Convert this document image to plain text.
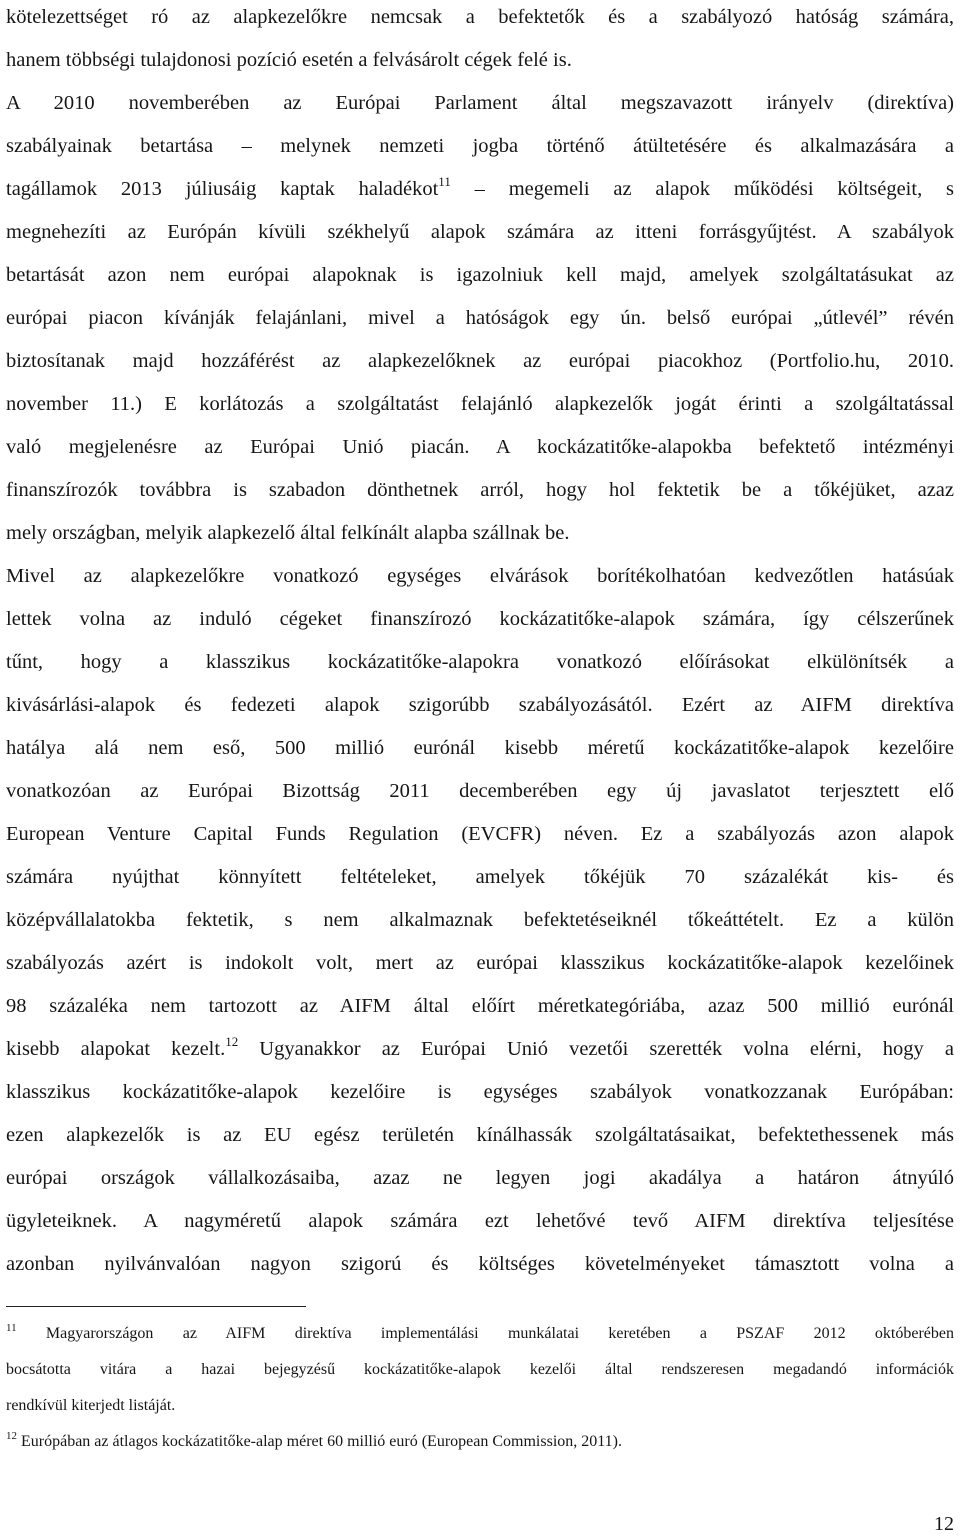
kötelezettséget ró az alapkezelőkre nemcsak a befektetők és a szabályozó hatóság számára,
hanem többségi tulajdonosi pozíció esetén a felvásárolt cégek felé is.
A 2010 novemberében az Európai Parlament által megszavazott irányelv (direktíva)
szabályainak betartása – melynek nemzeti jogba történő átültetésére és alkalmazására a
tagállamok 2013 júliusáig kaptak haladékot$^{11}$ – megemeli az alapok működési költségeit, s
megnehezíti az Európán kívüli székhelyű alapok számára az itteni forrásgyűjtést. A szabályok
betartását azon nem európai alapoknak is igazolniuk kell majd, amelyek szolgáltatásukat az
európai piacon kívánják felajánlani, mivel a hatóságok egy ún. belső európai „útlevél” révén
biztosítanak majd hozzáférést az alapkezelőknek az európai piacokhoz (Portfolio.hu, 2010.
november 11.) E korlátozás a szolgáltatást felajánló alapkezelők jogát érinti a szolgáltatással
való megjelenésre az Európai Unió piacán. A kockázatitőke-alapokba befektető intézményi
finanszírozók továbbra is szabadon dönthetnek arról, hogy hol fektetik be a tőkéjüket, azaz
mely országban, melyik alapkezelő által felkínált alapba szállnak be.
Mivel az alapkezelőkre vonatkozó egységes elvárások borítékolhatóan kedvezőtlen hatásúak
lettek volna az induló cégeket finanszírozó kockázatitőke-alapok számára, így célszerűnek
tűnt, hogy a klasszikus kockázatitőke-alapokra vonatkozó előírásokat elkülönítsék a
kivásárlási-alapok és fedezeti alapok szigorúbb szabályozásától. Ezért az AIFM direktíva
hatálya alá nem eső, 500 millió eurónál kisebb méretű kockázatitőke-alapok kezelőire
vonatkozóan az Európai Bizottság 2011 decemberében egy új javaslatot terjesztett elő
European Venture Capital Funds Regulation (EVCFR) néven. Ez a szabályozás azon alapok
számára nyújthat könnyített feltételeket, amelyek tőkéjük 70 százalékát kis- és
középvállalatokba fektetik, s nem alkalmaznak befektetéseiknél tőkeáttételt. Ez a külön
szabályozás azért is indokolt volt, mert az európai klasszikus kockázatitőke-alapok kezelőinek
98 százaléka nem tartozott az AIFM által előírt méretkategóriába, azaz 500 millió eurónál
kisebb alapokat kezelt.$^{12}$ Ugyanakkor az Európai Unió vezetői szerették volna elérni, hogy a
klasszikus kockázatitőke-alapok kezelőire is egységes szabályok vonatkozzanak Európában:
ezen alapkezelők is az EU egész területén kínálhassák szolgáltatásaikat, befektethessenek más
európai országok vállalkozásaiba, azaz ne legyen jogi akadálya a határon átnyúló
ügyleteiknek. A nagyméretű alapok számára ezt lehetővé tevő AIFM direktíva teljesítése
azonban nyilvánvalóan nagyon szigorú és költséges követelményeket támasztott volna a
$^{11}$ Magyarországon az AIFM direktíva implementálási munkálatai keretében a PSZAF 2012 októberében
bocsátotta vitára a hazai bejegyzésű kockázatitőke-alapok kezelői által rendszeresen megadandó információk
rendkívül kiterjedt listáját.
$^{12}$ Európában az átlagos kockázatitőke-alap méret 60 millió euró (European Commission, 2011).
12
